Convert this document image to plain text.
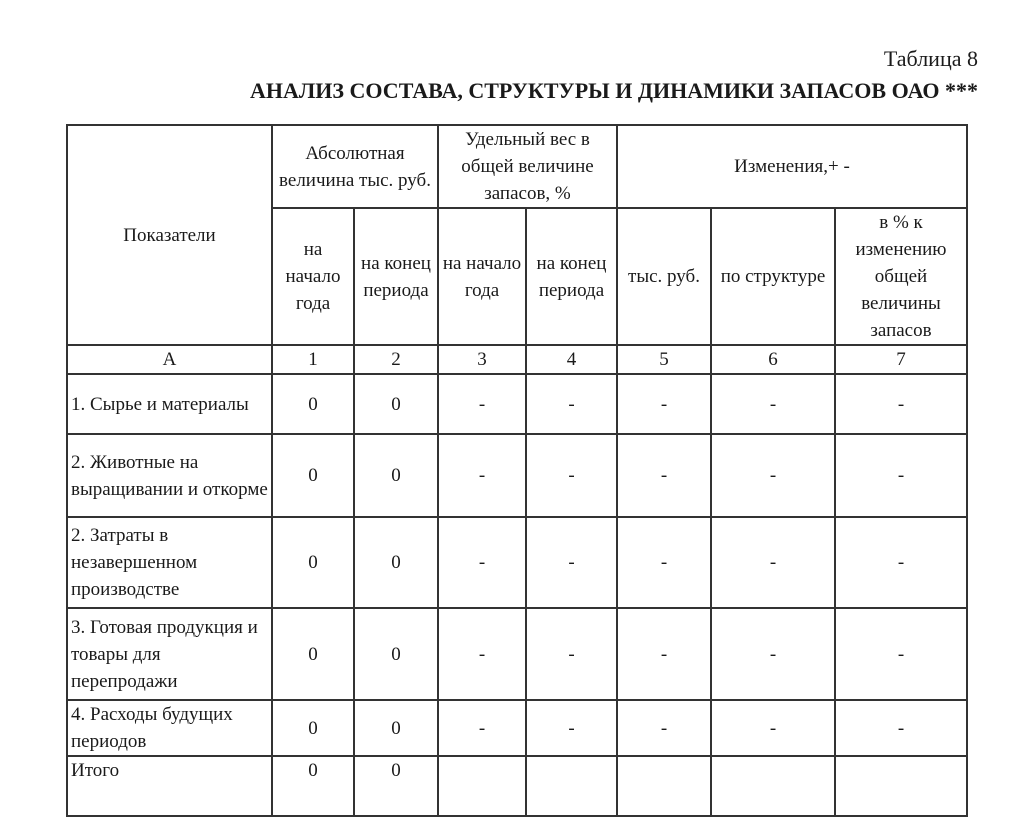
Таблица 8
АНАЛИЗ СОСТАВА, СТРУКТУРЫ И ДИНАМИКИ ЗАПАСОВ ОАО ***
Показатели	Абсолютная величина тыс. руб.		Удельный вес в общей величине запасов, %		Изменения,+ -		
	на начало года	на конец периода	на начало года	на конец периода	тыс. руб.	по структуре	в % к изменению общей величины запасов
А	1	2	3	4	5	6	7
1. Сырье и материалы	0	0	-	-	-	-	-
2. Животные на выращивании и откорме	0	0	-	-	-	-	-
2. Затраты в незавершенном производстве	0	0	-	-	-	-	-
3. Готовая продукция и товары для перепродажи	0	0	-	-	-	-	-
4. Расходы будущих периодов	0	0	-	-	-	-	-
Итого	0	0					
